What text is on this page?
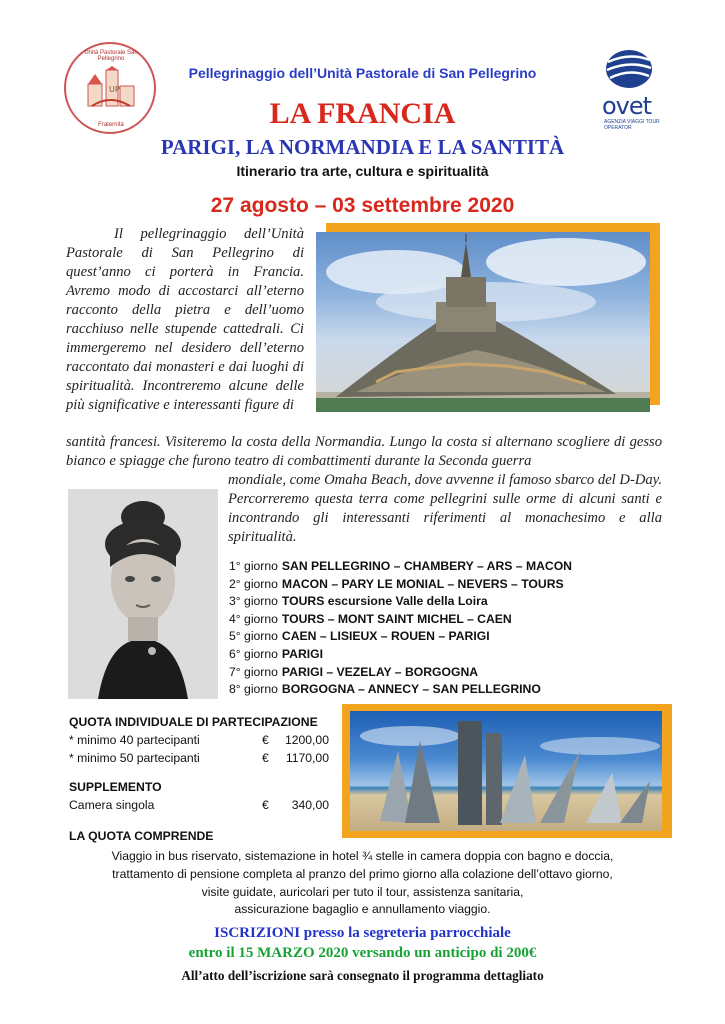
Unità Pastorale San Pellegrino
UP
Fraternità
ovet
AGENZIA VIAGGI TOUR OPERATOR
Pellegrinaggio dell’Unità Pastorale di San Pellegrino
LA FRANCIA
PARIGI, LA NORMANDIA E LA SANTITÀ
Itinerario tra arte, cultura e spiritualità
27 agosto – 03 settembre 2020

Il pellegrinaggio dell’Unità Pastorale di San Pellegrino di quest’anno ci porterà in Francia. Avremo modo di accostarci all’eterno racconto della pietra e dell’uomo racchiuso nelle stupende cattedrali. Ci immergeremo nel desidero dell’eterno raccontato dai monasteri e dai luoghi di spiritualità. Incontreremo alcune delle più significative e interessanti figure di

santità francesi. Visiteremo la costa della Normandia. Lungo la costa si alternano scogliere di gesso bianco e spiagge che furono teatro di combattimenti durante la Seconda guerra

mondiale, come Omaha Beach, dove avvenne il famoso sbarco del D-Day. Percorreremo questa terra come pellegrini sulle orme di alcuni santi e incontrando gli interessanti riferimenti al monachesimo e alla spiritualità.

1° giorno SAN PELLEGRINO – CHAMBERY – ARS – MACON
2° giorno MACON – PARY LE MONIAL – NEVERS – TOURS
3° giorno TOURS escursione Valle della Loira
4° giorno TOURS – MONT SAINT MICHEL – CAEN
5° giorno CAEN – LISIEUX – ROUEN – PARIGI
6° giorno PARIGI
7° giorno PARIGI – VEZELAY – BORGOGNA
8° giorno BORGOGNA – ANNECY – SAN PELLEGRINO
QUOTA INDIVIDUALE DI PARTECIPAZIONE
* minimo 40 partecipanti	€ 1200,00
* minimo 50 partecipanti	€ 1170,00
SUPPLEMENTO
Camera singola	€ 340,00
LA QUOTA COMPRENDE
Viaggio in bus riservato, sistemazione in hotel ¾ stelle in camera doppia con bagno e doccia,
trattamento di pensione completa al pranzo del primo giorno alla colazione dell’ottavo giorno,
visite guidate, auricolari per tuto il tour, assistenza sanitaria,
assicurazione bagaglio e annullamento viaggio.
ISCRIZIONI presso la segreteria parrocchiale
entro il 15 MARZO 2020 versando un anticipo di 200€
All’atto dell’iscrizione sarà consegnato il programma dettagliato
